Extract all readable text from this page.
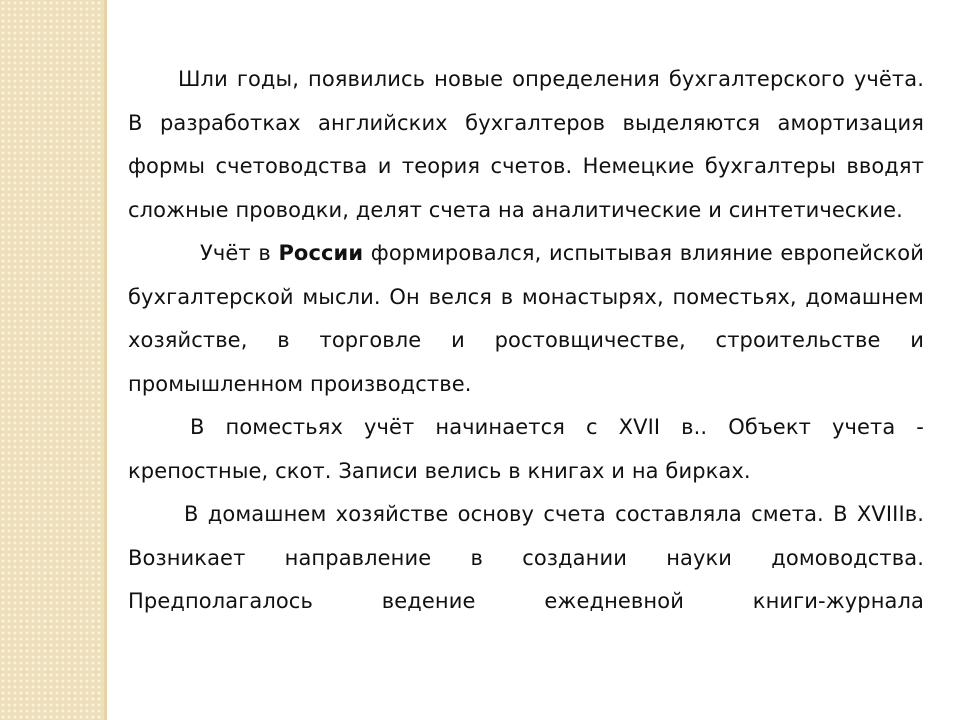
Шли годы, появились новые определения бухгалтерского учёта. В разработках английских бухгалтеров выделяются амортизация формы счетоводства и теория счетов. Немецкие бухгалтеры вводят сложные проводки, делят счета на аналитические и синтетические.

Учёт в России формировался, испытывая влияние европейской бухгалтерской мысли. Он велся в монастырях, поместьях, домашнем хозяйстве, в торговле и ростовщичестве, строительстве и промышленном производстве.

В поместьях учёт начинается с XVII в.. Объект учета - крепостные, скот. Записи велись в книгах и на бирках.

В домашнем хозяйстве основу счета составляла смета. В XVIIIв. Возникает направление в создании науки домоводства. Предполагалось ведение ежедневной книги-журнала
